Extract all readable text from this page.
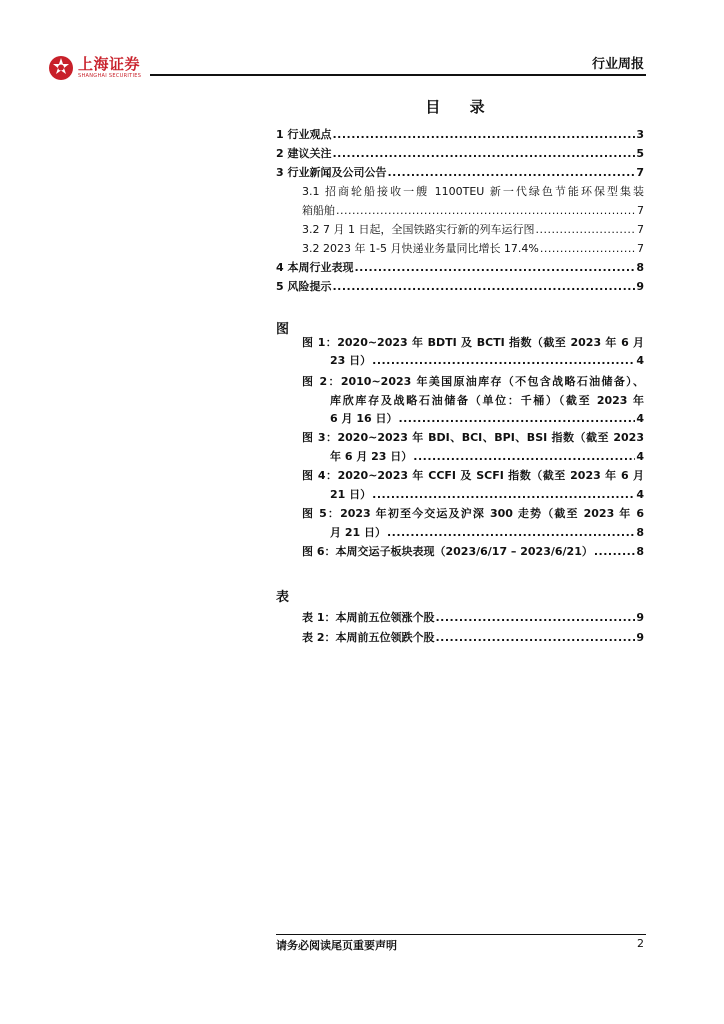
上海证券
SHANGHAI SECURITIES
行业周报
目 录
1 行业观点 .....	3
2 建议关注 .....	5
3 行业新闻及公司公告 .....	7
3.1 招商轮船接收一艘 1100TEU 新一代绿色节能环保型集装
箱船舶 .....	7
3.2 7 月 1 日起，全国铁路实行新的列车运行图 .....	7
3.2 2023 年 1-5 月快递业务量同比增长 17.4% .....	7
4 本周行业表现 .....	8
5 风险提示 .....	9
图
图 1：2020~2023 年 BDTI 及 BCTI 指数（截至 2023 年 6 月
23 日） .....	4
图 2：2010~2023 年美国原油库存（不包含战略石油储备）、
库欣库存及战略石油储备（单位：千桶）（截至 2023 年
6 月 16 日） .....	4
图 3：2020~2023 年 BDI、BCI、BPI、BSI 指数（截至 2023
年 6 月 23 日） .....	4
图 4：2020~2023 年 CCFI 及 SCFI 指数（截至 2023 年 6 月
21 日） .....	4
图 5：2023 年初至今交运及沪深 300 走势（截至 2023 年 6
月 21 日） .....	8
图 6：本周交运子板块表现（2023/6/17 – 2023/6/21） .....	8
表
表 1：本周前五位领涨个股 .....	9
表 2：本周前五位领跌个股 .....	9
请务必阅读尾页重要声明	2
